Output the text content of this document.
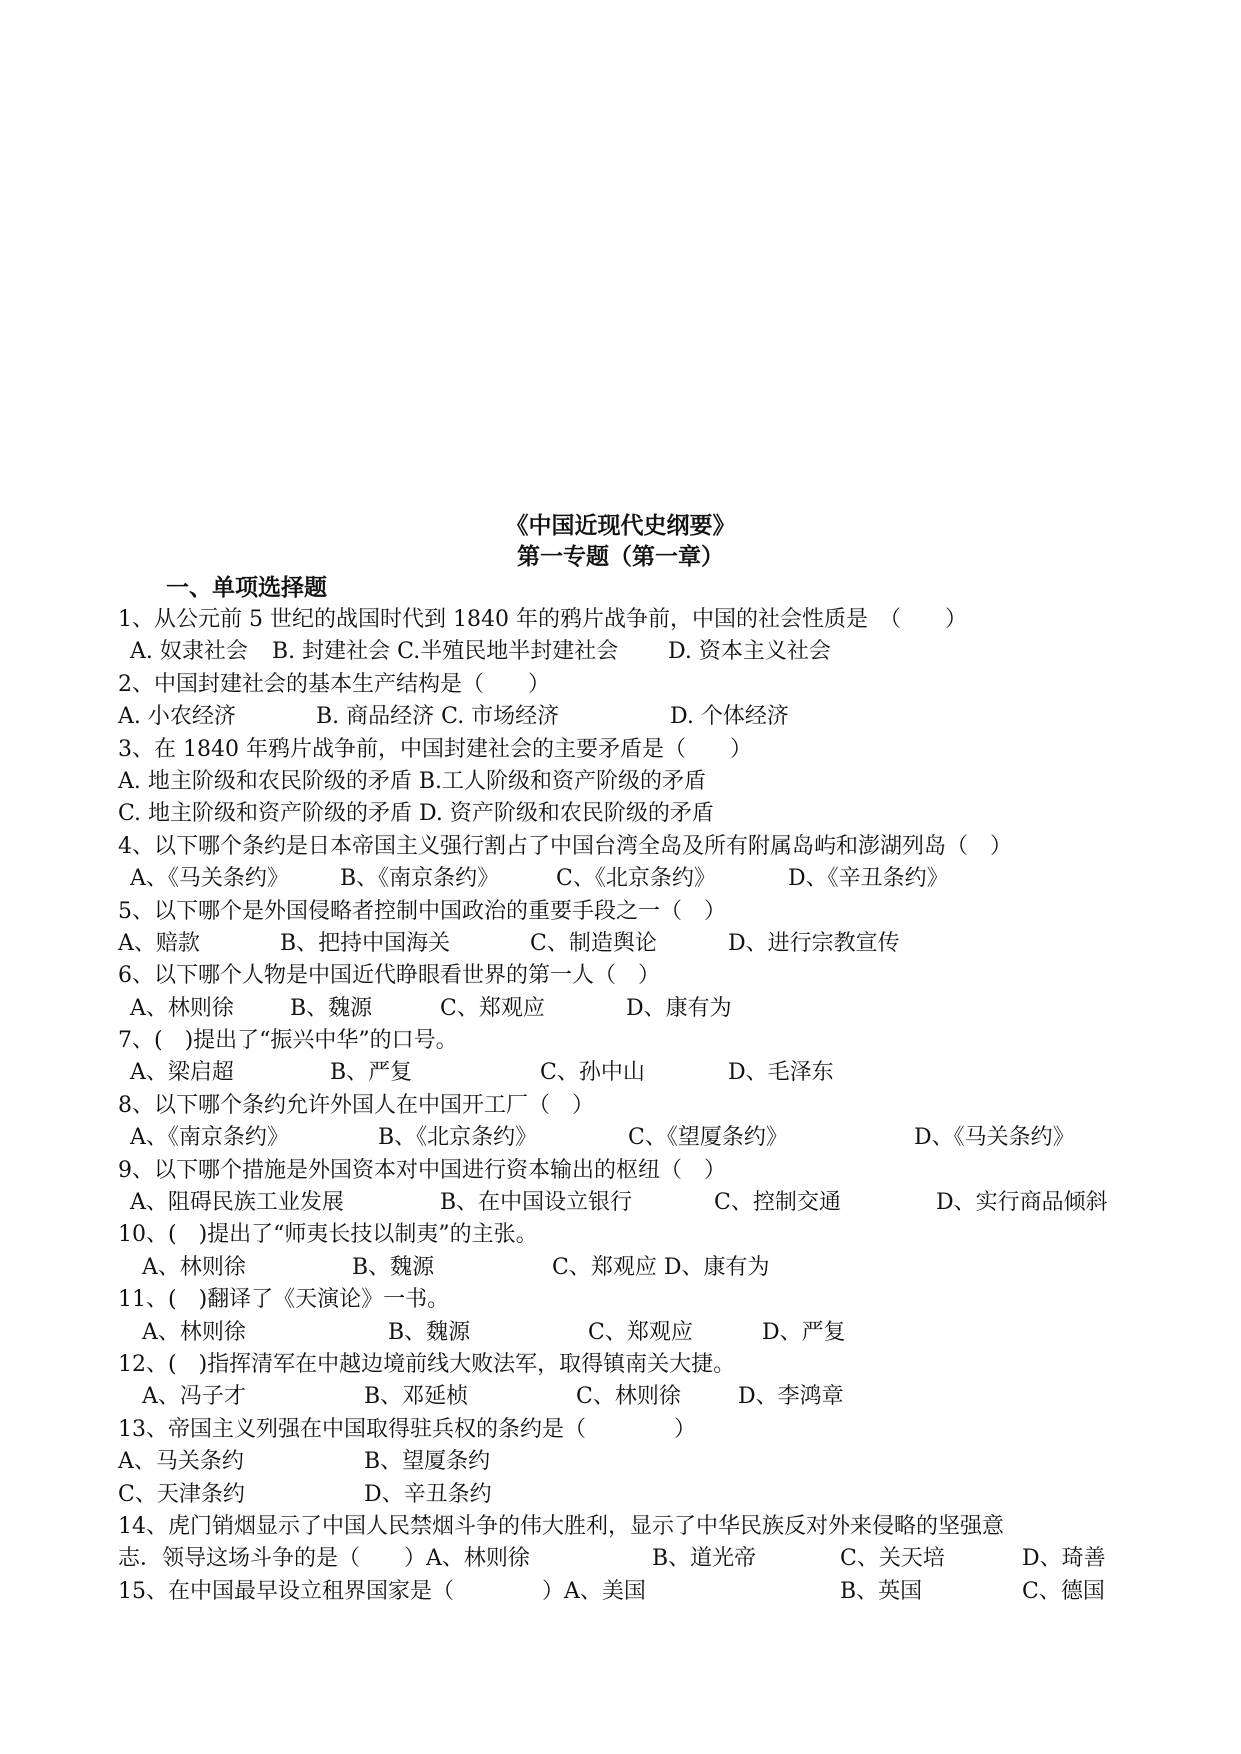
《中国近现代史纲要》
第一专题（第一章）
一、单项选择题
1、从公元前 5 世纪的战国时代到 1840 年的鸦片战争前，中国的社会性质是　（　　）
A. 奴隶社会 B. 封建社会 C.半殖民地半封建社会 D. 资本主义社会
2、中国封建社会的基本生产结构是（　　）
A. 小农经济	B. 商品经济 C. 市场经济	D. 个体经济
3、在 1840 年鸦片战争前，中国封建社会的主要矛盾是（　　）
A. 地主阶级和农民阶级的矛盾 B.工人阶级和资产阶级的矛盾
C. 地主阶级和资产阶级的矛盾 D. 资产阶级和农民阶级的矛盾
4、以下哪个条约是日本帝国主义强行割占了中国台湾全岛及所有附属岛屿和澎湖列岛（　）
A、《马关条约》 B、《南京条约》	C、《北京条约》	D、《辛丑条约》
5、以下哪个是外国侵略者控制中国政治的重要手段之一（　）
A、赔款	B、把持中国海关	C、制造舆论	D、进行宗教宣传
6、以下哪个人物是中国近代睁眼看世界的第一人（　）
A、林则徐	B、魏源	C、郑观应	D、康有为
7、(　)提出了“振兴中华”的口号。
A、梁启超	B、严复	C、孙中山	D、毛泽东
8、以下哪个条约允许外国人在中国开工厂（　）
A、《南京条约》	B、《北京条约》	C、《望厦条约》	D、《马关条约》
9、以下哪个措施是外国资本对中国进行资本输出的枢纽（　）
A、阻碍民族工业发展	B、在中国设立银行	C、控制交通	D、实行商品倾斜
10、(　)提出了“师夷长技以制夷”的主张。
A、林则徐	B、魏源	C、郑观应 D、康有为
11、(　)翻译了《天演论》一书。
A、林则徐	B、魏源	C、郑观应	D、严复
12、(　)指挥清军在中越边境前线大败法军，取得镇南关大捷。
A、冯子才	B、邓延桢	C、林则徐	D、李鸿章
13、帝国主义列强在中国取得驻兵权的条约是（　　　　）
A、马关条约	B、望厦条约
C、天津条约	D、辛丑条约
14、虎门销烟显示了中国人民禁烟斗争的伟大胜利，显示了中华民族反对外来侵略的坚强意
志．领导这场斗争的是（　　）A、林则徐	B、道光帝	C、关天培	D、琦善
15、在中国最早设立租界国家是（　　　　）A、美国	B、英国	C、德国
